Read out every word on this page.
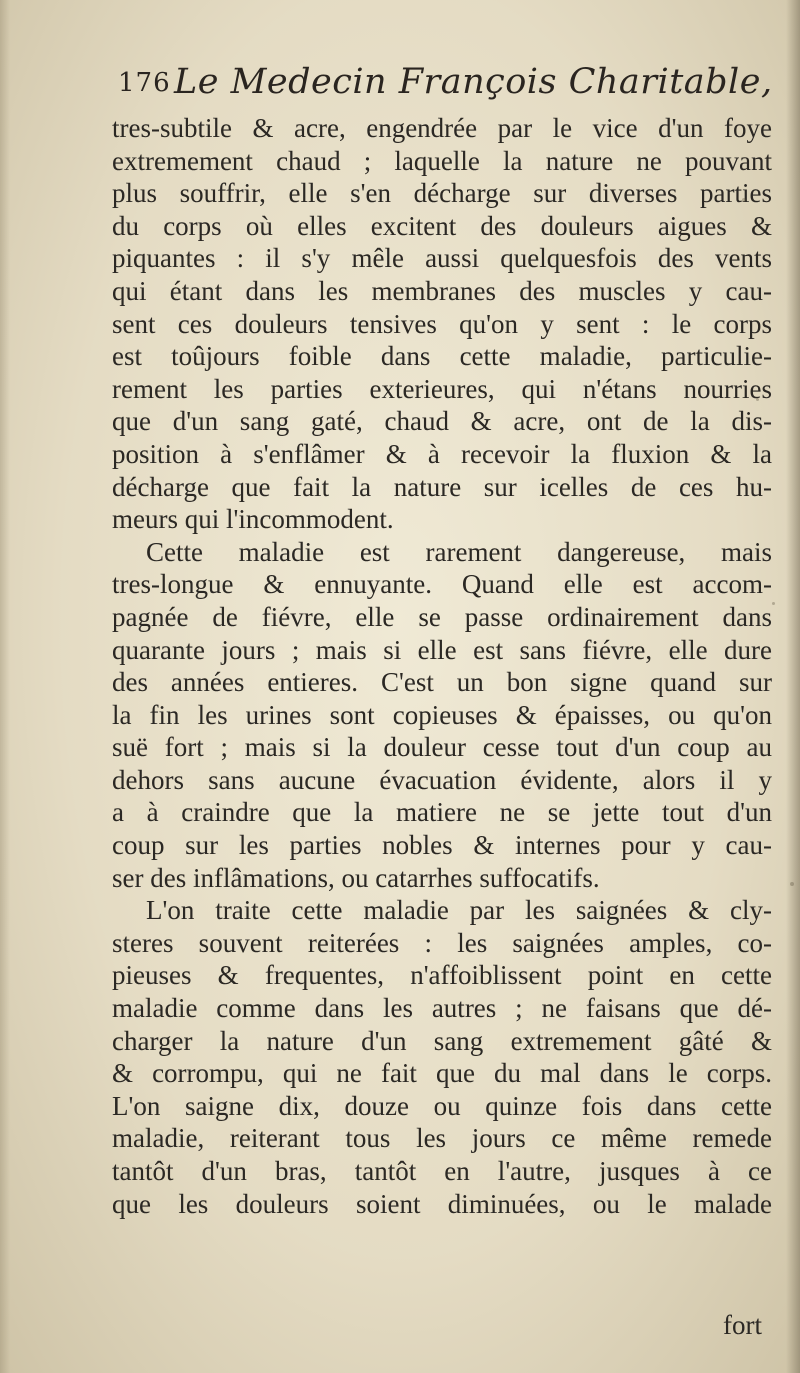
176 Le Medecin François Charitable,
tres-subtile & acre, engendrée par le vice d'un foye
extremement chaud ; laquelle la nature ne pouvant
plus souffrir, elle s'en décharge sur diverses parties
du corps où elles excitent des douleurs aigues &
piquantes : il s'y mêle aussi quelquesfois des vents
qui étant dans les membranes des muscles y cau-
sent ces douleurs tensives qu'on y sent : le corps
est toûjours foible dans cette maladie, particulie-
rement les parties exterieures, qui n'étans nourries
que d'un sang gaté, chaud & acre, ont de la dis-
position à s'enflâmer & à recevoir la fluxion & la
décharge que fait la nature sur icelles de ces hu-
meurs qui l'incommodent.
Cette maladie est rarement dangereuse, mais
tres-longue & ennuyante. Quand elle est accom-
pagnée de fiévre, elle se passe ordinairement dans
quarante jours ; mais si elle est sans fiévre, elle dure
des années entieres. C'est un bon signe quand sur
la fin les urines sont copieuses & épaisses, ou qu'on
suë fort ; mais si la douleur cesse tout d'un coup au
dehors sans aucune évacuation évidente, alors il y
a à craindre que la matiere ne se jette tout d'un
coup sur les parties nobles & internes pour y cau-
ser des inflâmations, ou catarrhes suffocatifs.
L'on traite cette maladie par les saignées & cly-
steres souvent reiterées : les saignées amples, co-
pieuses & frequentes, n'affoiblissent point en cette
maladie comme dans les autres ; ne faisans que dé-
charger la nature d'un sang extremement gâté &
& corrompu, qui ne fait que du mal dans le corps.
L'on saigne dix, douze ou quinze fois dans cette
maladie, reiterant tous les jours ce même remede
tantôt d'un bras, tantôt en l'autre, jusques à ce
que les douleurs soient diminuées, ou le malade
fort
